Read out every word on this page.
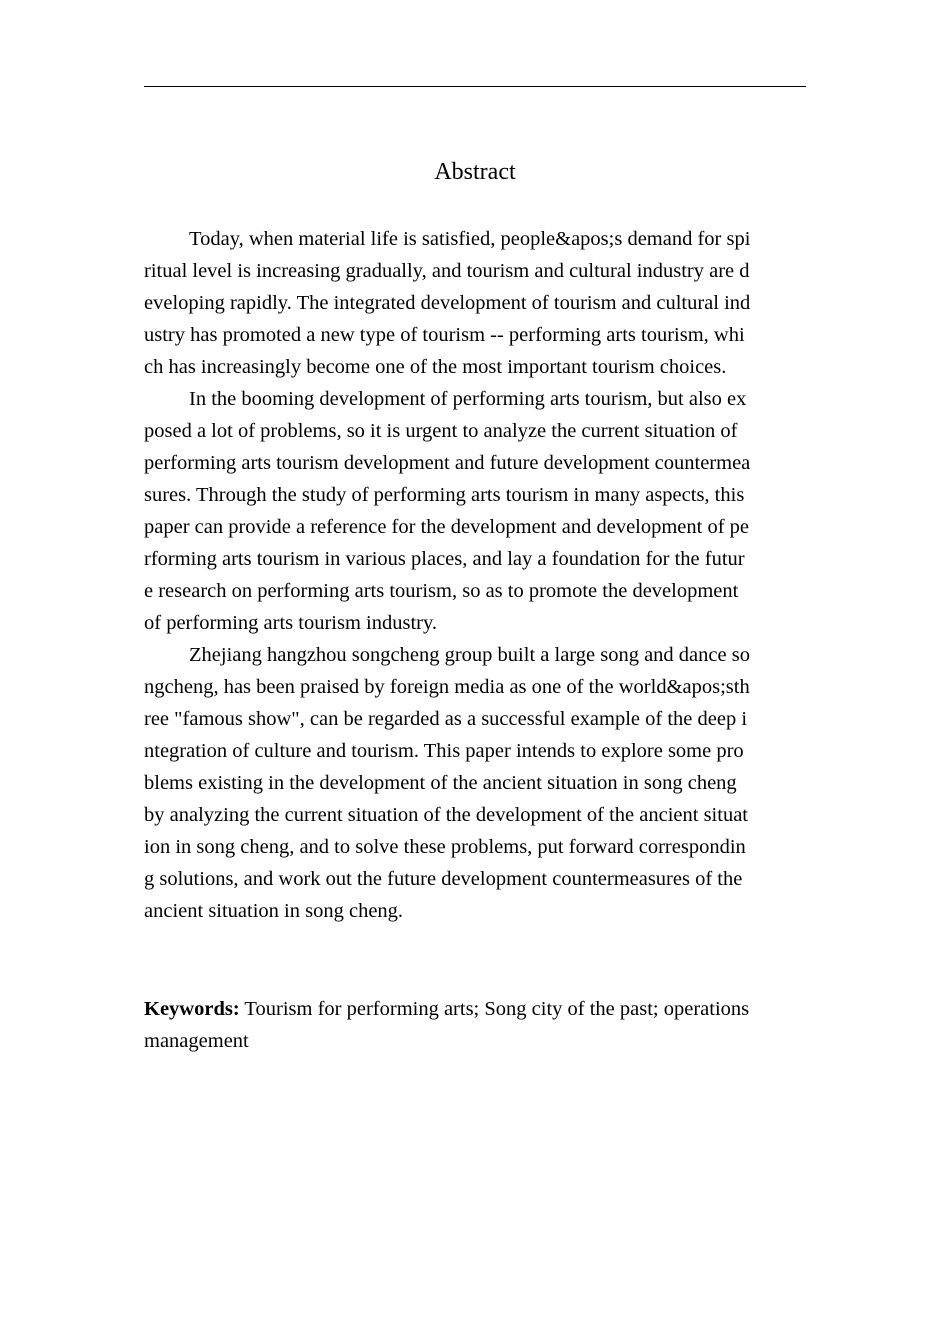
Abstract
Today, when material life is satisfied, people&apos;s demand for spi
ritual level is increasing gradually, and tourism and cultural industry are d
eveloping rapidly. The integrated development of tourism and cultural ind
ustry has promoted a new type of tourism -- performing arts tourism, whi
ch has increasingly become one of the most important tourism choices.
In the booming development of performing arts tourism, but also ex
posed a lot of problems, so it is urgent to analyze the current situation of
performing arts tourism development and future development countermea
sures. Through the study of performing arts tourism in many aspects, this
paper can provide a reference for the development and development of pe
rforming arts tourism in various places, and lay a foundation for the futur
e research on performing arts tourism, so as to promote the development
of performing arts tourism industry.
Zhejiang hangzhou songcheng group built a large song and dance so
ngcheng, has been praised by foreign media as one of the world&apos;sth
ree "famous show", can be regarded as a successful example of the deep i
ntegration of culture and tourism. This paper intends to explore some pro
blems existing in the development of the ancient situation in song cheng
by analyzing the current situation of the development of the ancient situat
ion in song cheng, and to solve these problems, put forward correspondin
g solutions, and work out the future development countermeasures of the
ancient situation in song cheng.
Keywords: Tourism for performing arts; Song city of the past; operations
management
